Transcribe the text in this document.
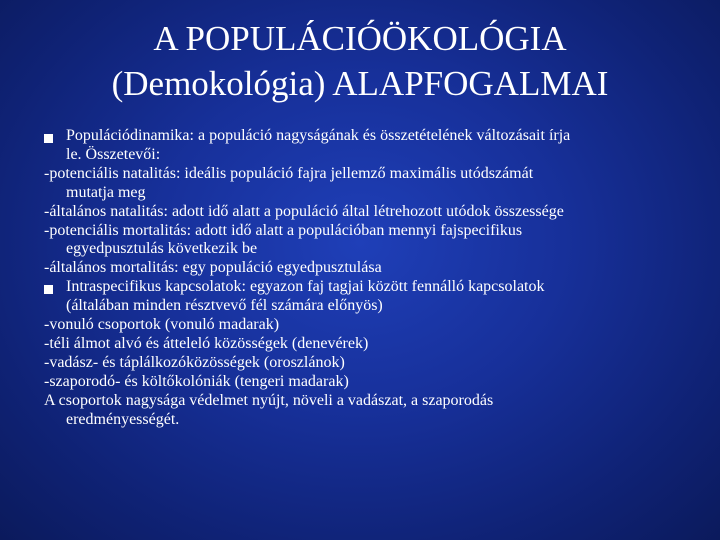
A POPULÁCIÓÖKOLÓGIA
(Demokológia) ALAPFOGALMAI
Populációdinamika: a populáció nagyságának és összetételének változásait írja
le. Összetevői:
-potenciális natalitás: ideális populáció fajra jellemző maximális utódszámát
mutatja meg
-általános natalitás: adott idő alatt a populáció által létrehozott utódok összessége
-potenciális mortalitás: adott idő alatt a populációban mennyi fajspecifikus
egyedpusztulás következik be
-általános mortalitás: egy populáció egyedpusztulása
Intraspecifikus kapcsolatok: egyazon faj tagjai között fennálló kapcsolatok
(általában minden résztvevő fél számára előnyös)
-vonuló csoportok (vonuló madarak)
-téli álmot alvó és átteleló közösségek (denevérek)
-vadász- és táplálkozóközösségek (oroszlánok)
-szaporodó- és költőkolóniák (tengeri madarak)
A csoportok nagysága védelmet nyújt, növeli a vadászat, a szaporodás
eredményességét.
